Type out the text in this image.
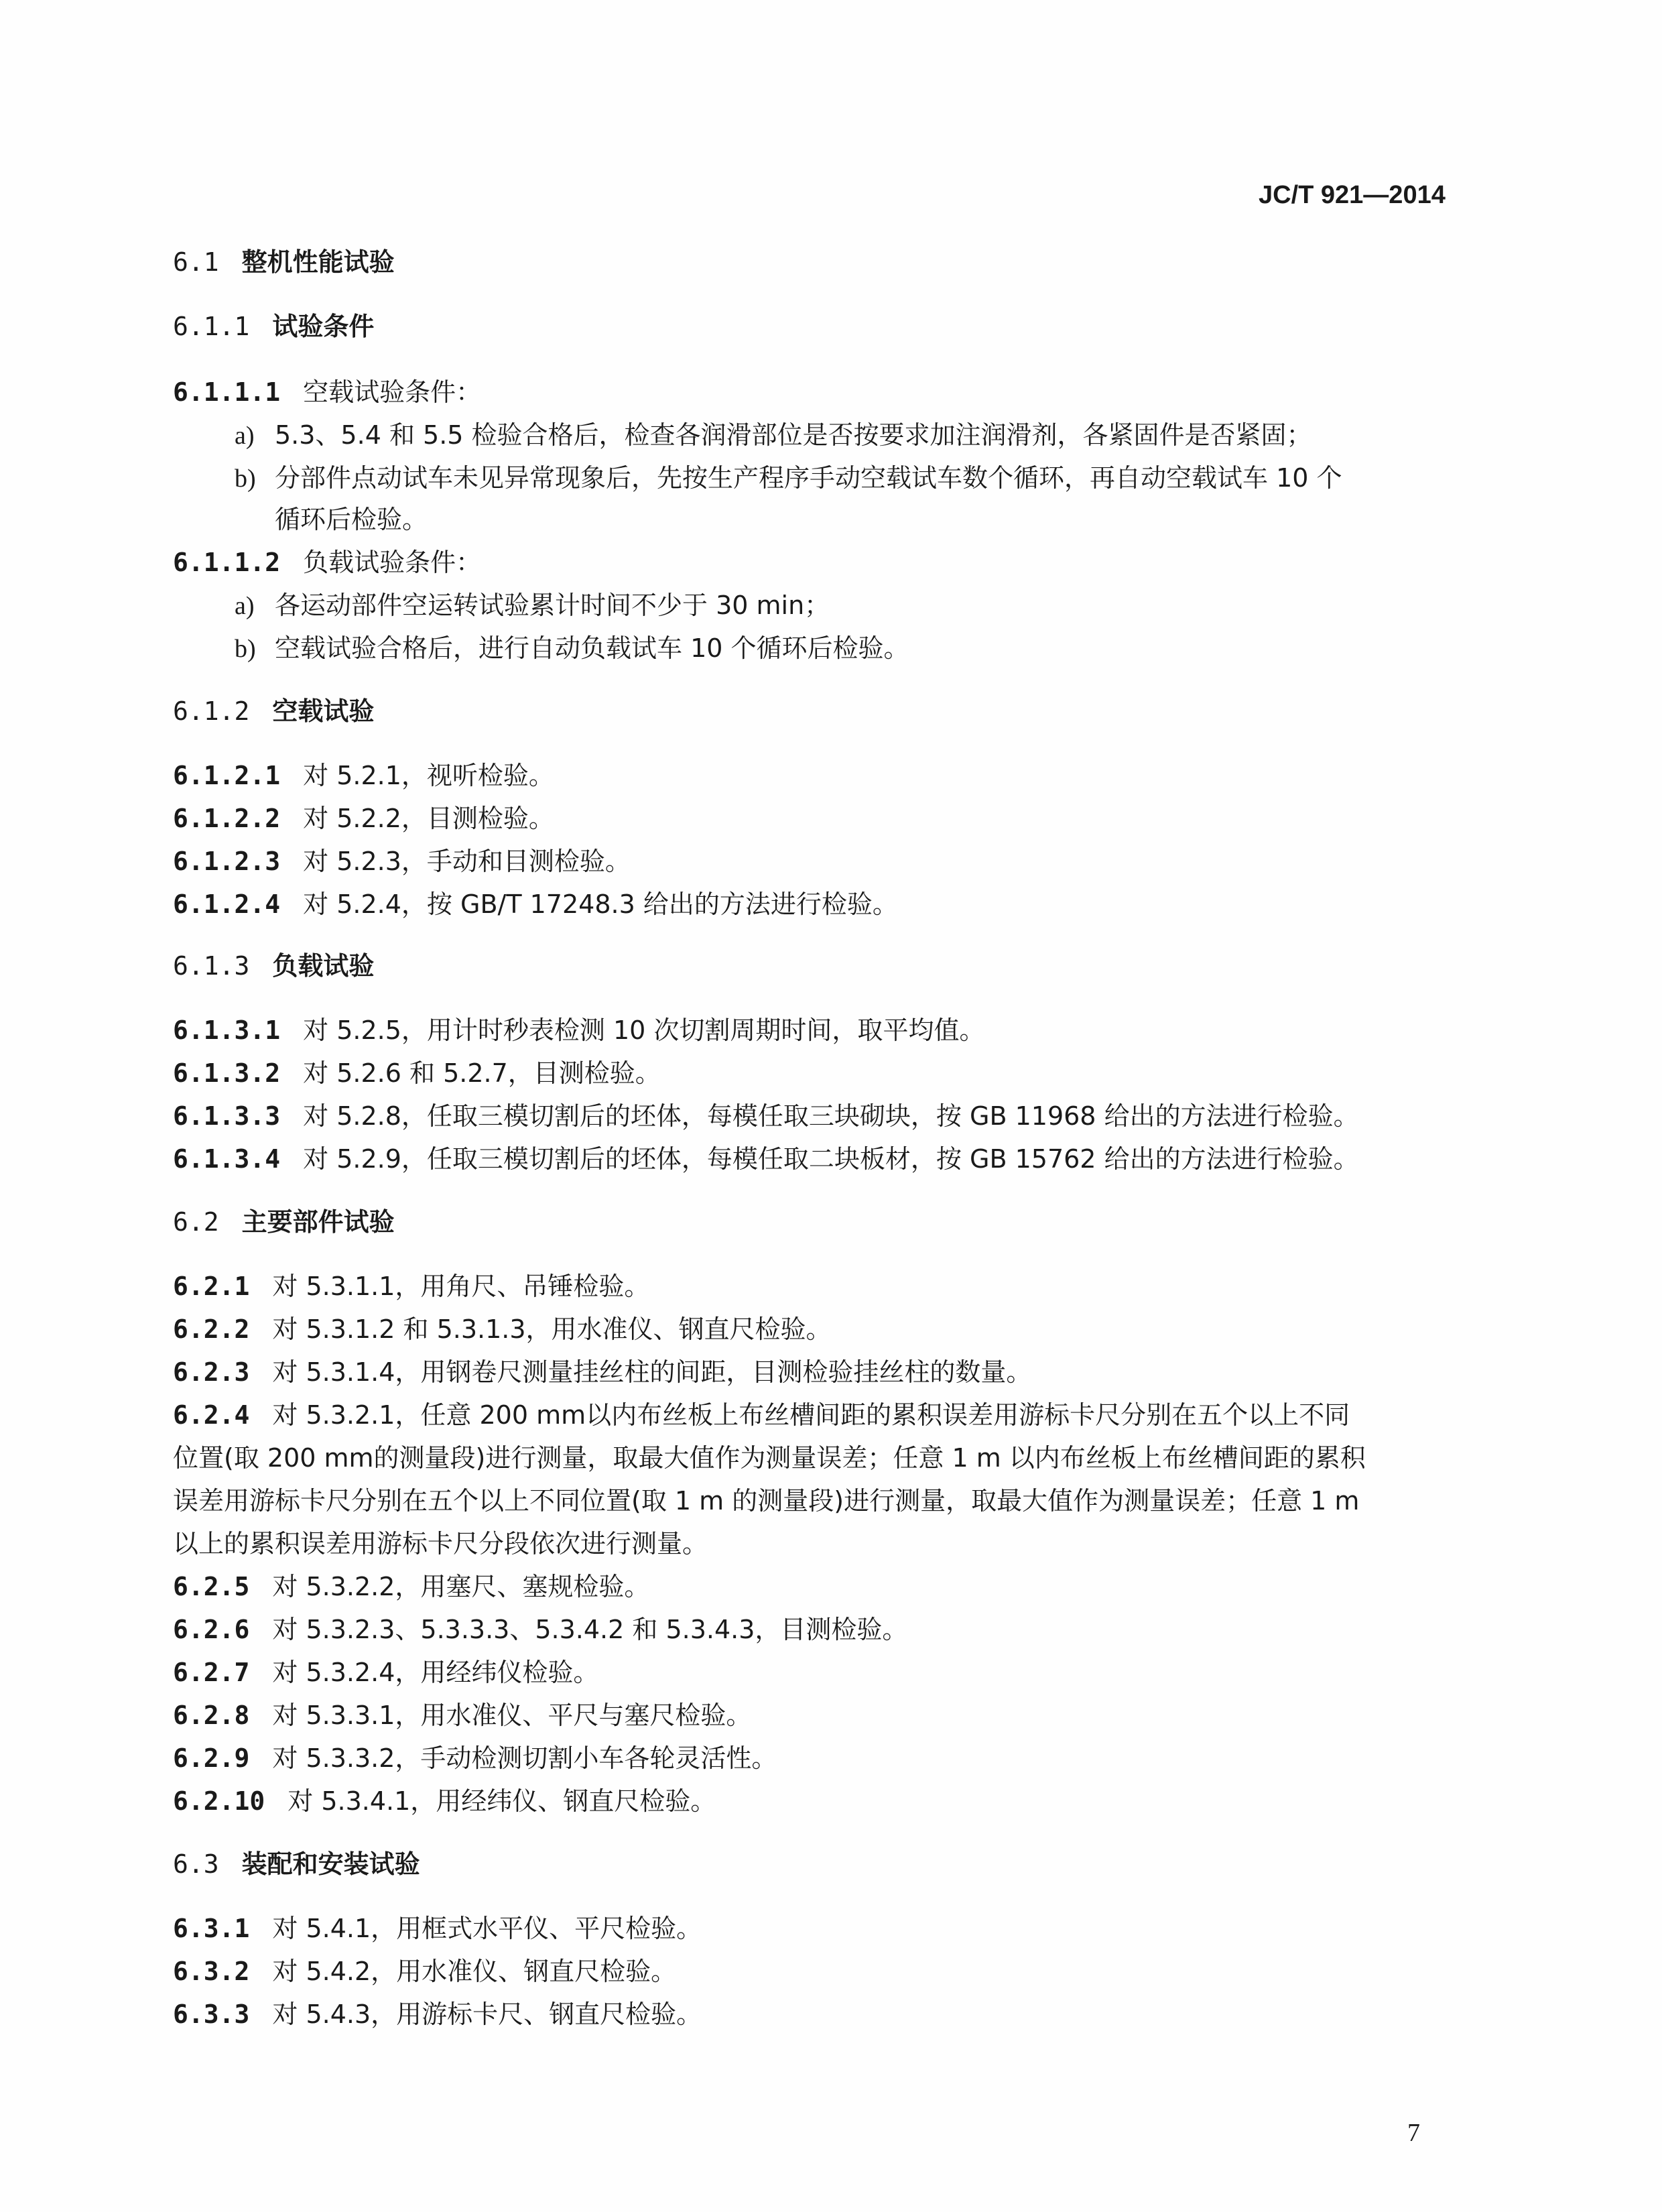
JC/T 921—2014
6.1 整机性能试验
6.1.1 试验条件
6.1.1.1 空载试验条件：
a) 5.3、5.4 和 5.5 检验合格后，检查各润滑部位是否按要求加注润滑剂，各紧固件是否紧固；
b) 分部件点动试车未见异常现象后，先按生产程序手动空载试车数个循环，再自动空载试车 10 个
循环后检验。
6.1.1.2 负载试验条件：
a) 各运动部件空运转试验累计时间不少于 30 min；
b) 空载试验合格后，进行自动负载试车 10 个循环后检验。
6.1.2 空载试验
6.1.2.1 对 5.2.1，视听检验。
6.1.2.2 对 5.2.2，目测检验。
6.1.2.3 对 5.2.3，手动和目测检验。
6.1.2.4 对 5.2.4，按 GB/T 17248.3 给出的方法进行检验。
6.1.3 负载试验
6.1.3.1 对 5.2.5，用计时秒表检测 10 次切割周期时间，取平均值。
6.1.3.2 对 5.2.6 和 5.2.7，目测检验。
6.1.3.3 对 5.2.8，任取三模切割后的坯体，每模任取三块砌块，按 GB 11968 给出的方法进行检验。
6.1.3.4 对 5.2.9，任取三模切割后的坯体，每模任取二块板材，按 GB 15762 给出的方法进行检验。
6.2 主要部件试验
6.2.1 对 5.3.1.1，用角尺、吊锤检验。
6.2.2 对 5.3.1.2 和 5.3.1.3，用水准仪、钢直尺检验。
6.2.3 对 5.3.1.4，用钢卷尺测量挂丝柱的间距，目测检验挂丝柱的数量。
6.2.4 对 5.3.2.1，任意 200 mm以内布丝板上布丝槽间距的累积误差用游标卡尺分别在五个以上不同
位置(取 200 mm的测量段)进行测量，取最大值作为测量误差；任意 1 m 以内布丝板上布丝槽间距的累积
误差用游标卡尺分别在五个以上不同位置(取 1 m 的测量段)进行测量，取最大值作为测量误差；任意 1 m
以上的累积误差用游标卡尺分段依次进行测量。
6.2.5 对 5.3.2.2，用塞尺、塞规检验。
6.2.6 对 5.3.2.3、5.3.3.3、5.3.4.2 和 5.3.4.3，目测检验。
6.2.7 对 5.3.2.4，用经纬仪检验。
6.2.8 对 5.3.3.1，用水准仪、平尺与塞尺检验。
6.2.9 对 5.3.3.2，手动检测切割小车各轮灵活性。
6.2.10 对 5.3.4.1，用经纬仪、钢直尺检验。
6.3 装配和安装试验
6.3.1 对 5.4.1，用框式水平仪、平尺检验。
6.3.2 对 5.4.2，用水准仪、钢直尺检验。
6.3.3 对 5.4.3，用游标卡尺、钢直尺检验。
7
